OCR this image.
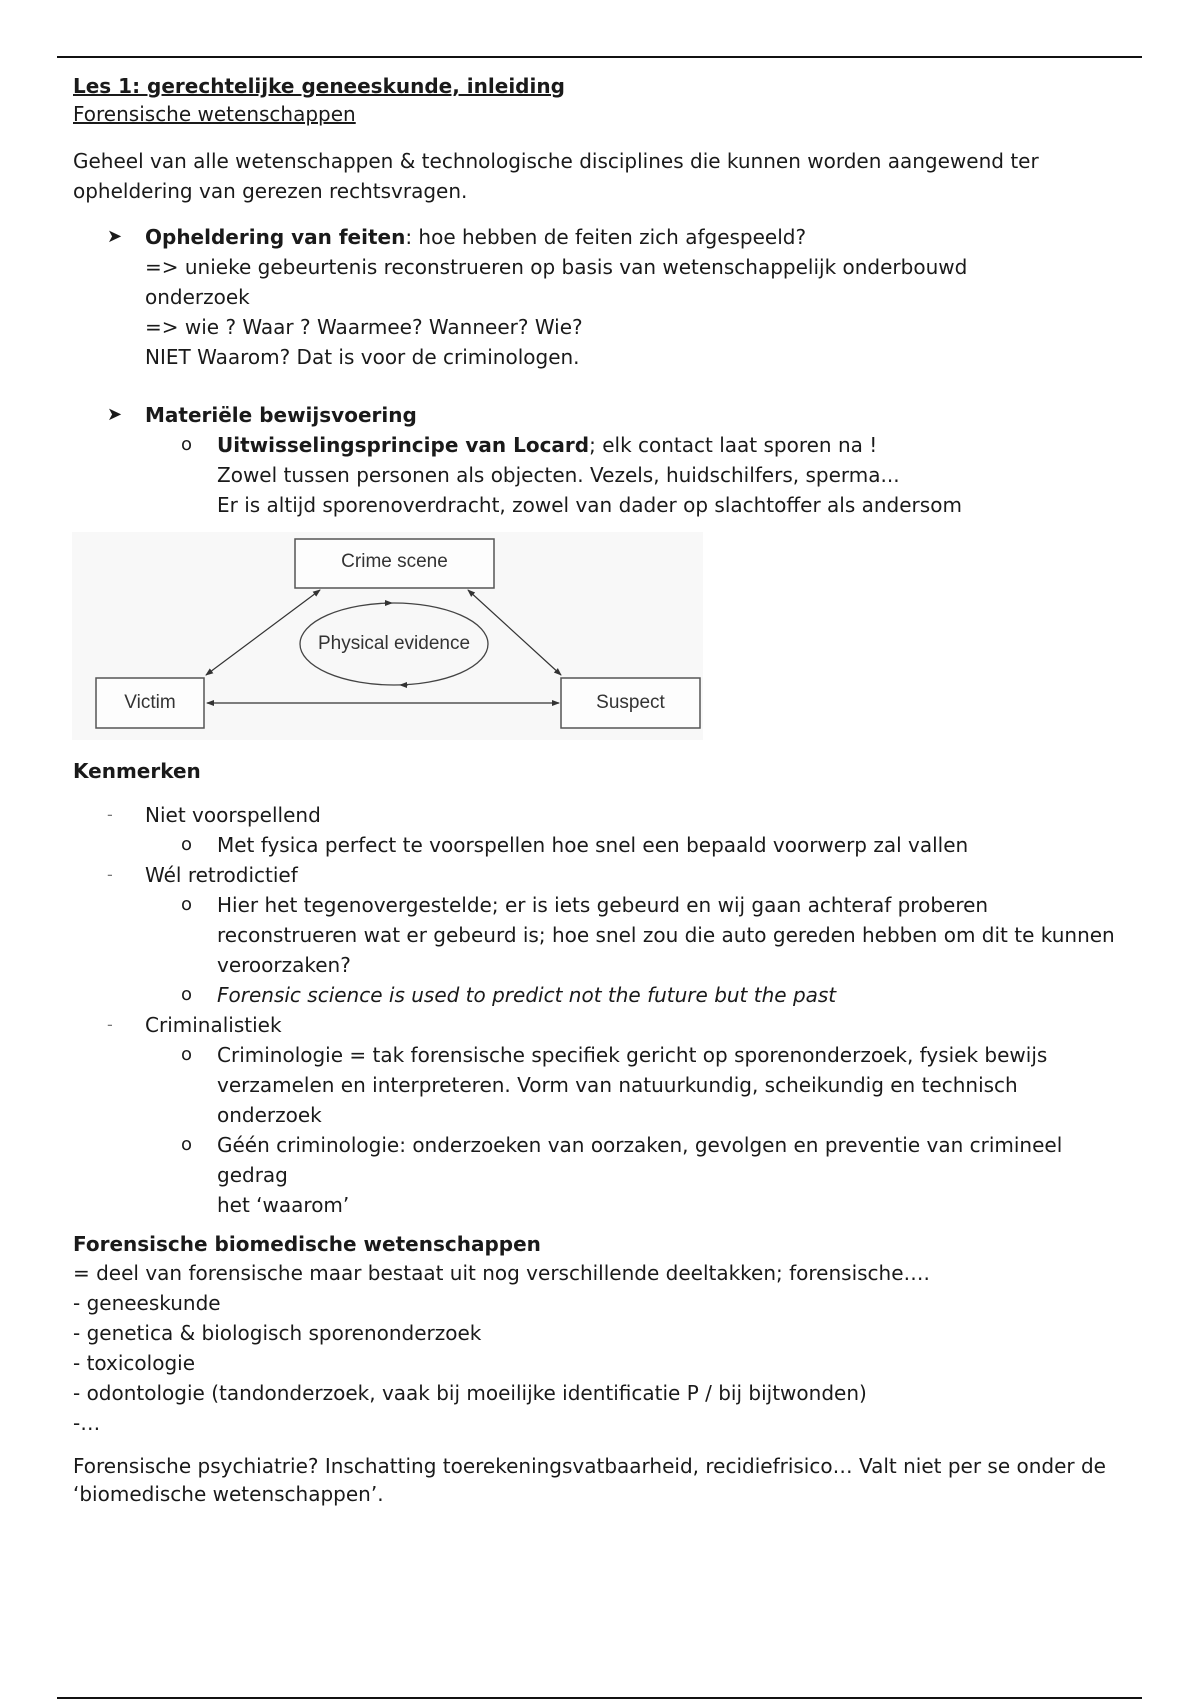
Les 1: gerechtelijke geneeskunde, inleiding
Forensische wetenschappen

Geheel van alle wetenschappen & technologische disciplines die kunnen worden aangewend ter opheldering van gerezen rechtsvragen.

➤ Opheldering van feiten: hoe hebben de feiten zich afgespeeld?
=> unieke gebeurtenis reconstrueren op basis van wetenschappelijk onderbouwd onderzoek
=> wie ? Waar ? Waarmee? Wanneer? Wie?
NIET Waarom? Dat is voor de criminologen.
➤ Materiële bewijsvoering
o	Uitwisselingsprincipe van Locard; elk contact laat sporen na !
Zowel tussen personen als objecten. Vezels, huidschilfers, sperma...
Er is altijd sporenoverdracht, zowel van dader op slachtoffer als andersom
Crime scene
Physical evidence
Victim	Suspect
Kenmerken
- Niet voorspellend
o Met fysica perfect te voorspellen hoe snel een bepaald voorwerp zal vallen
- Wél retrodictief
o Hier het tegenovergestelde; er is iets gebeurd en wij gaan achteraf proberen reconstrueren wat er gebeurd is; hoe snel zou die auto gereden hebben om dit te kunnen veroorzaken?
o Forensic science is used to predict not the future but the past
- Criminalistiek
o Criminologie = tak forensische specifiek gericht op sporenonderzoek, fysiek bewijs verzamelen en interpreteren. Vorm van natuurkundig, scheikundig en technisch onderzoek
o Géén criminologie: onderzoeken van oorzaken, gevolgen en preventie van crimineel gedrag
het ‘waarom’
Forensische biomedische wetenschappen
= deel van forensische maar bestaat uit nog verschillende deeltakken; forensische….
- geneeskunde
- genetica & biologisch sporenonderzoek
- toxicologie
- odontologie (tandonderzoek, vaak bij moeilijke identificatie P / bij bijtwonden)
-…

Forensische psychiatrie? Inschatting toerekeningsvatbaarheid, recidiefrisico… Valt niet per se onder de ‘biomedische wetenschappen’.
